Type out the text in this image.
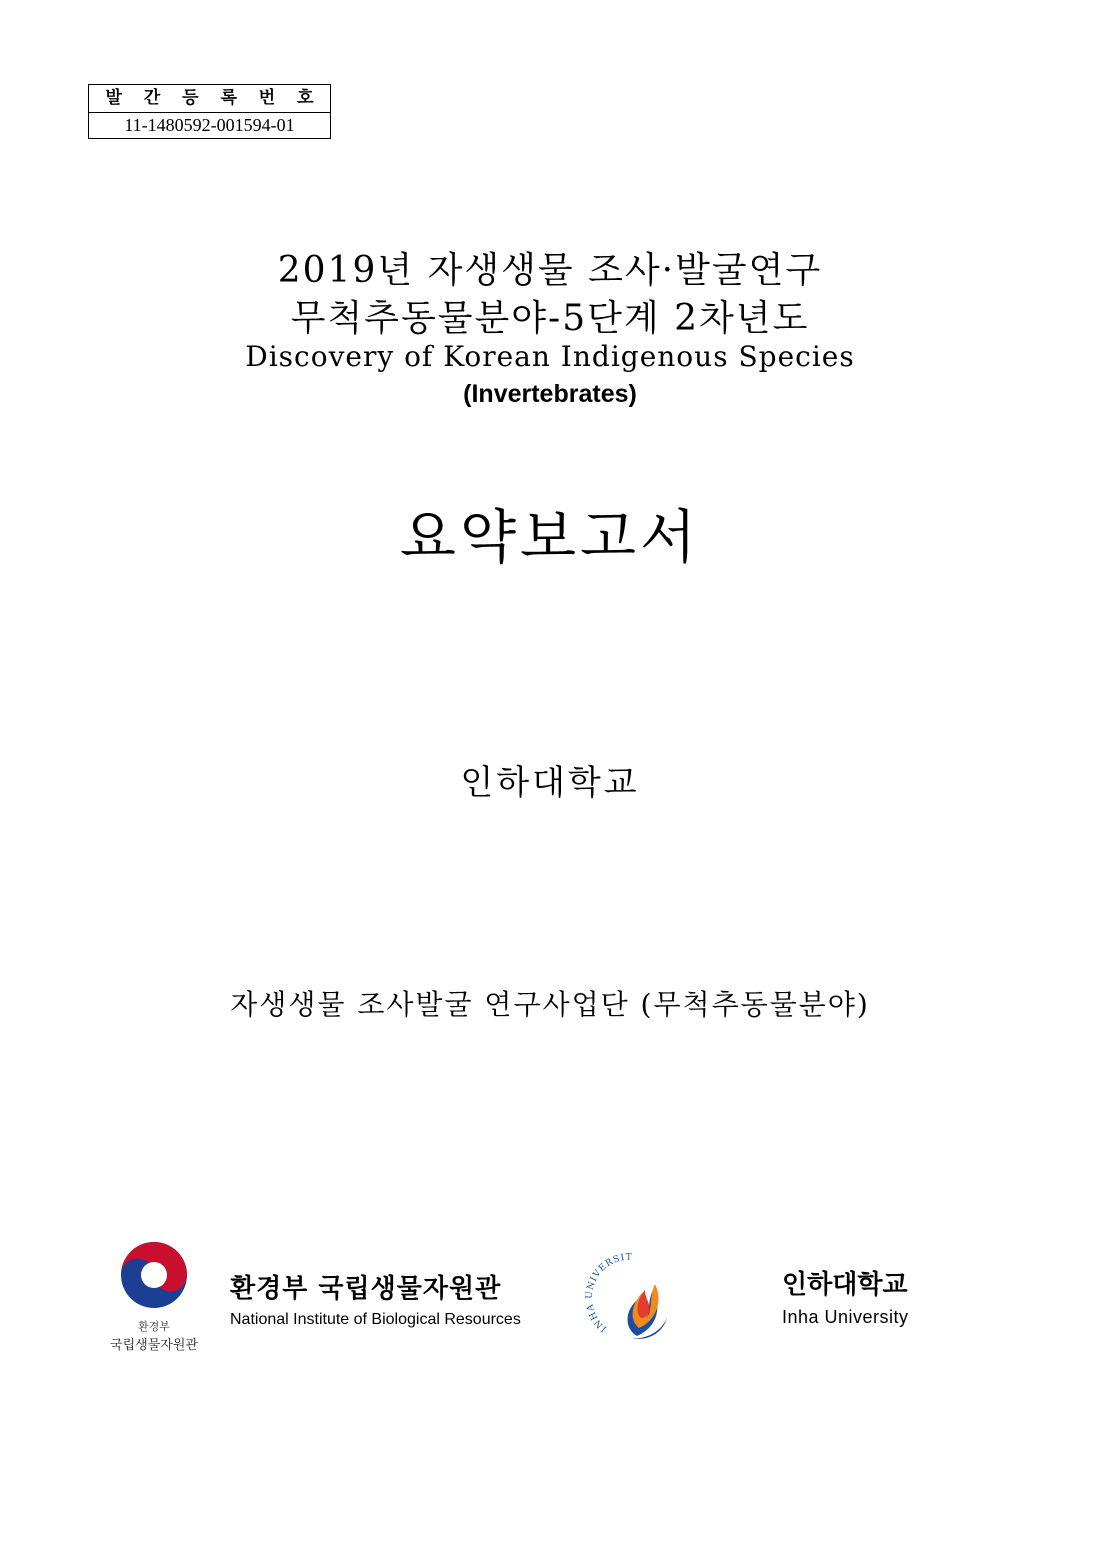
발 간 등 록 번 호
11-1480592-001594-01
2019년 자생생물 조사·발굴연구
무척추동물분야-5단계 2차년도
Discovery of Korean Indigenous Species
(Invertebrates)
요약보고서
인하대학교
자생생물 조사발굴 연구사업단 (무척추동물분야)
환경부
국립생물자원관
환경부 국립생물자원관
National Institute of Biological Resources
INHA UNIVERSIT
인하대학교
Inha University
